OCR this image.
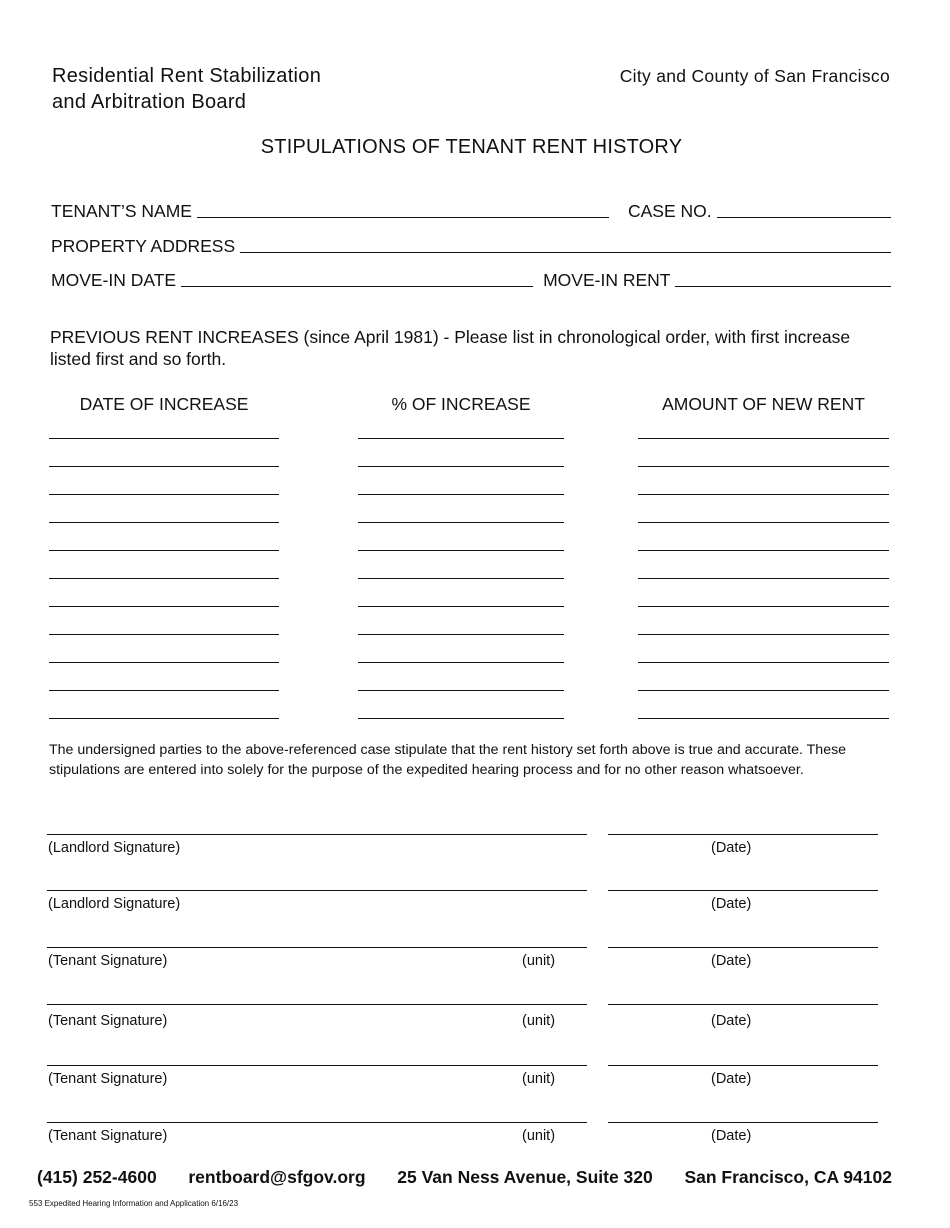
Residential Rent Stabilization
and Arbitration Board
City and County of San Francisco
STIPULATIONS OF TENANT RENT HISTORY
TENANT’S NAME	CASE NO.
PROPERTY ADDRESS
MOVE-IN DATE	MOVE-IN RENT
PREVIOUS RENT INCREASES (since April 1981) - Please list in chronological order, with first increase listed first and so forth.
DATE OF INCREASE	% OF INCREASE	AMOUNT OF NEW RENT
The undersigned parties to the above-referenced case stipulate that the rent history set forth above is true and accurate. These stipulations are entered into solely for the purpose of the expedited hearing process and for no other reason whatsoever.
(Landlord Signature)	(Date)
(Landlord Signature)	(Date)
(Tenant Signature)	(unit)	(Date)
(Tenant Signature)	(unit)	(Date)
(Tenant Signature)	(unit)	(Date)
(Tenant Signature)	(unit)	(Date)
(415) 252-4600 rentboard@sfgov.org 25 Van Ness Avenue, Suite 320 San Francisco, CA 94102
553 Expedited Hearing Information and Application 6/16/23
